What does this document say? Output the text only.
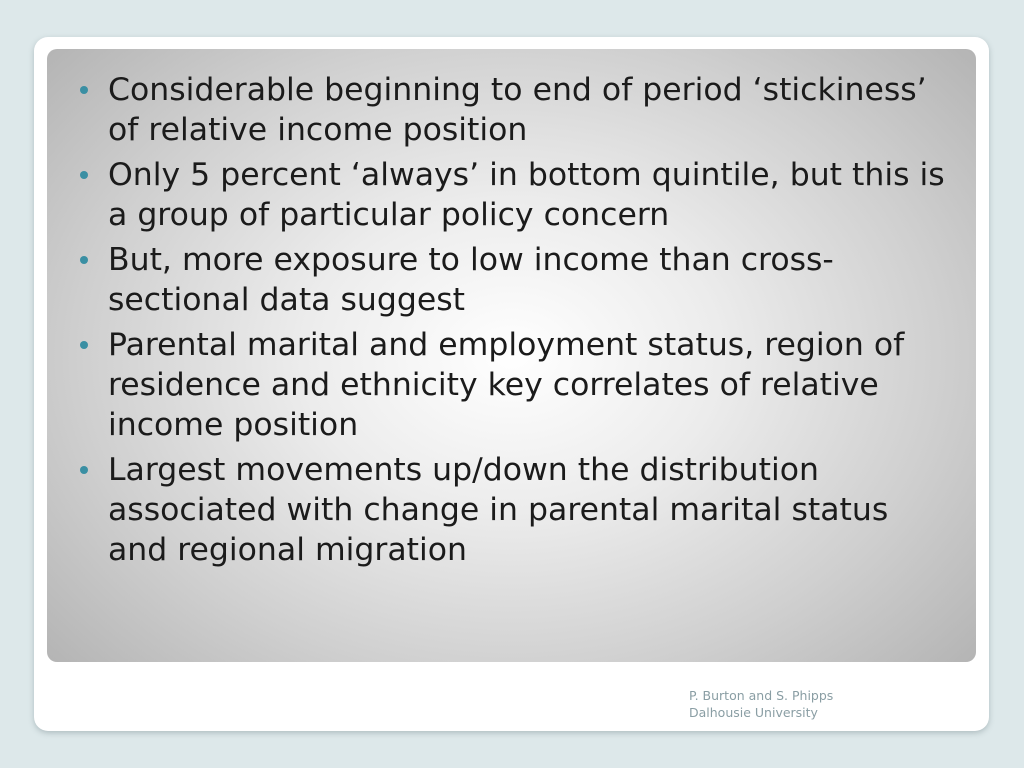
Considerable beginning to end of period ‘stickiness’ of relative income position
Only 5 percent ‘always’ in bottom quintile, but this is a group of particular policy concern
But, more exposure to low income than cross-sectional data suggest
Parental marital and employment status, region of residence and ethnicity key correlates of relative income position
Largest movements up/down the distribution associated with change in parental marital status and regional migration
P. Burton and S. Phipps
Dalhousie University
